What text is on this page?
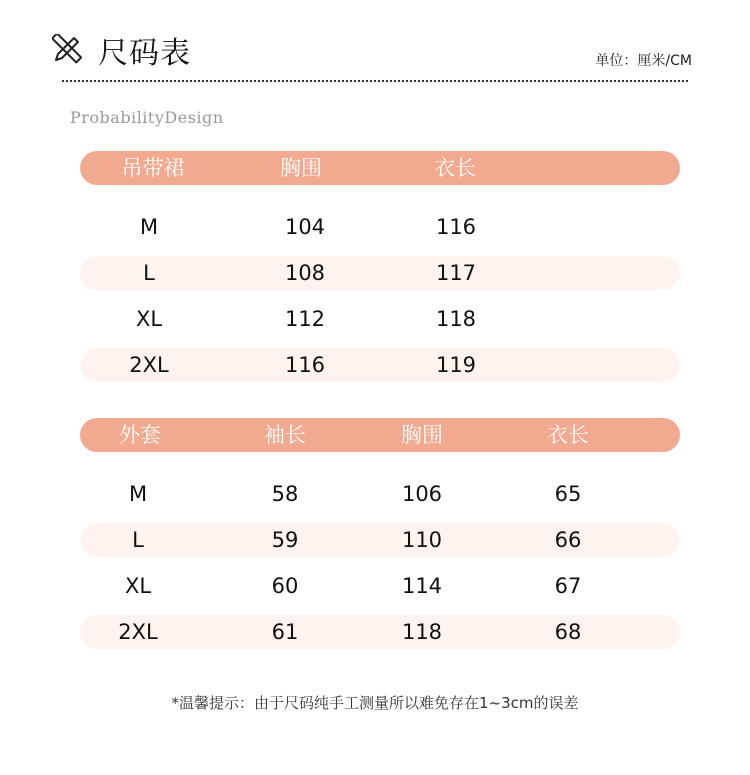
尺码表	单位：厘米/CM
ProbabilityDesign
吊带裙	胸围	衣长
M	104	116
L	108	117
XL	112	118
2XL	116	119
外套	袖长	胸围	衣长
M	58	106	65
L	59	110	66
XL	60	114	67
2XL	61	118	68
*温馨提示：由于尺码纯手工测量所以难免存在1~3cm的误差
